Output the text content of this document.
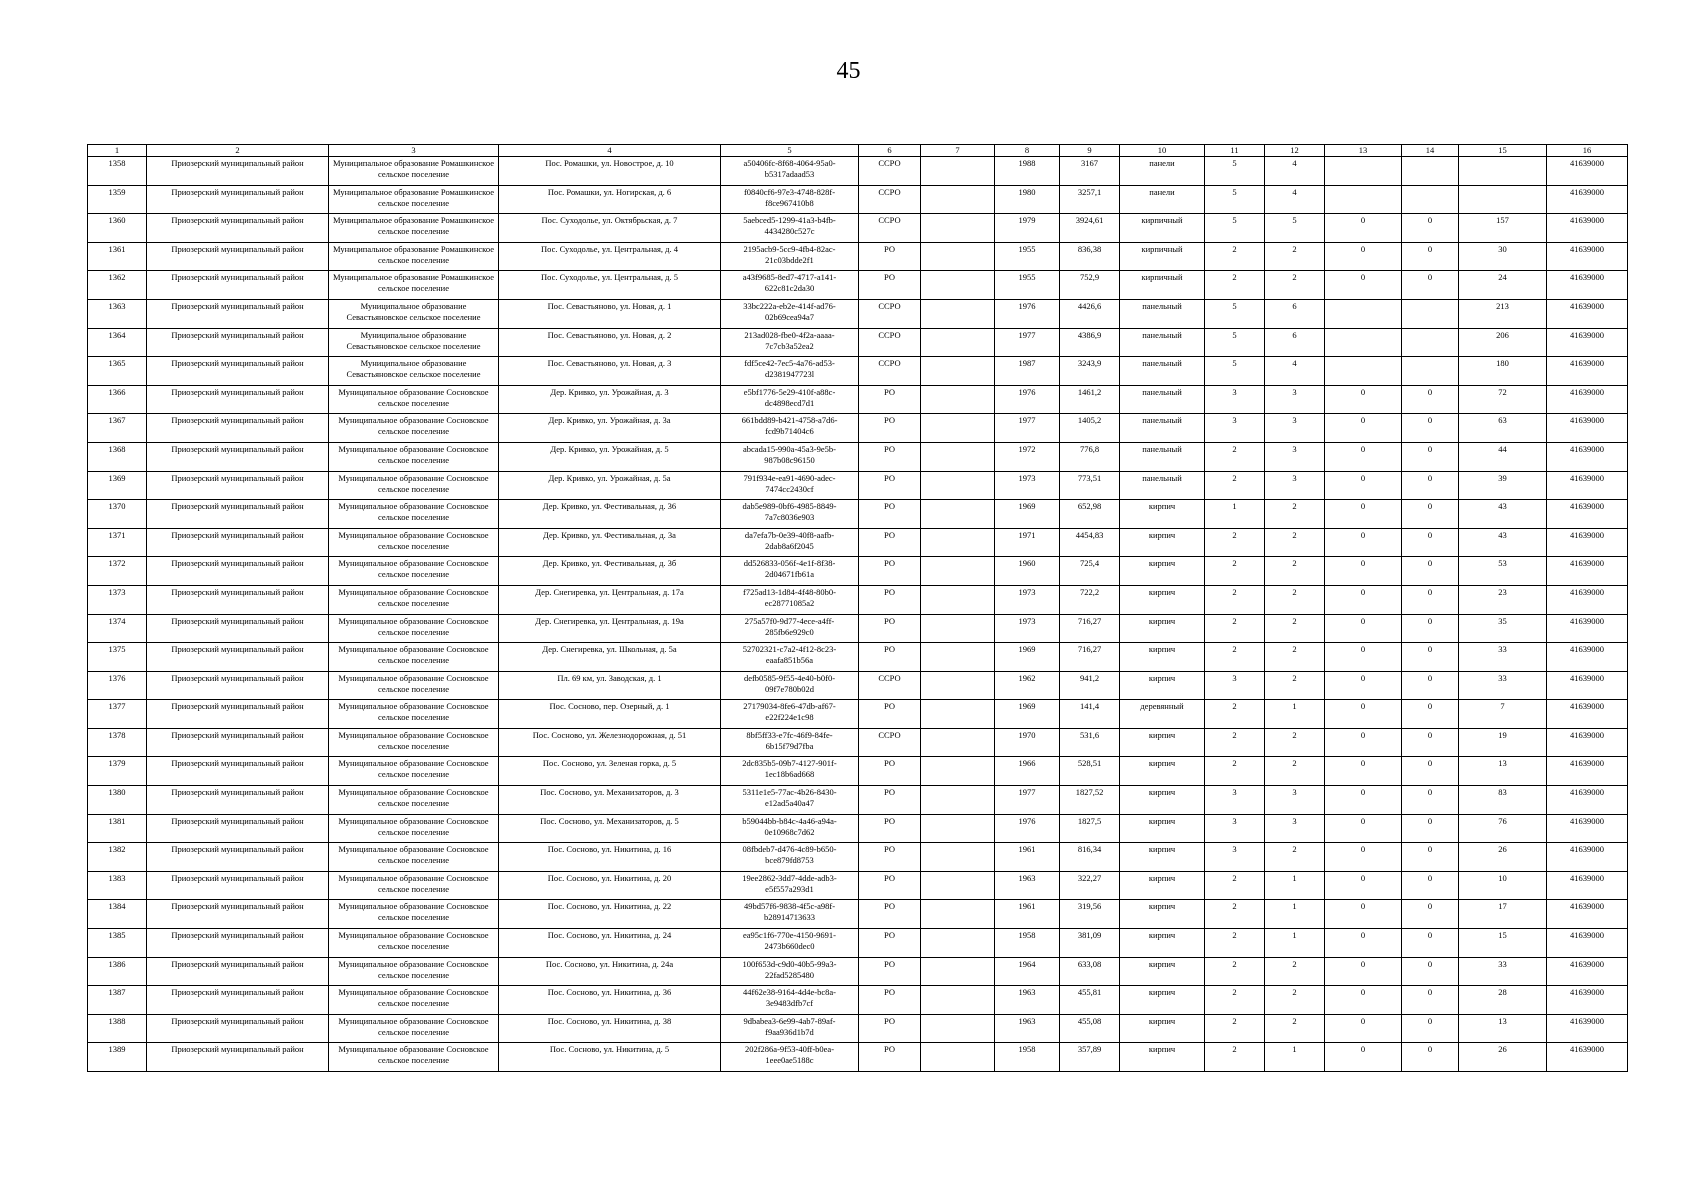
45
1	2	3	4	5	6	7	8	9	10	11	12	13	14	15	16
1358	Приозерский муниципальный район	Муниципальное образование Ромашкинское сельское поселение	Пос. Ромашки, ул. Новострое, д. 10	a50406fc-8f68-4064-95a0-b5317adaad53	ССРО		1988	3167	панели	5	4				41639000
1359	Приозерский муниципальный район	Муниципальное образование Ромашкинское сельское поселение	Пос. Ромашки, ул. Ногирская, д. 6	f0840cf6-97e3-4748-828f-f8ce967410b8	ССРО		1980	3257,1	панели	5	4				41639000
1360	Приозерский муниципальный район	Муниципальное образование Ромашкинское сельское поселение	Пос. Суходолье, ул. Октябрьская, д. 7	5aebced5-1299-41a3-b4fb-4434280c527c	ССРО		1979	3924,61	кирпичный	5	5	0	0	157	41639000
1361	Приозерский муниципальный район	Муниципальное образование Ромашкинское сельское поселение	Пос. Суходолье, ул. Центральная, д. 4	2195acb9-5cc9-4fb4-82ac-21c03bdde2f1	РО		1955	836,38	кирпичный	2	2	0	0	30	41639000
1362	Приозерский муниципальный район	Муниципальное образование Ромашкинское сельское поселение	Пос. Суходолье, ул. Центральная, д. 5	a43f9685-8ed7-4717-a141-622c81c2da30	РО		1955	752,9	кирпичный	2	2	0	0	24	41639000
1363	Приозерский муниципальный район	Муниципальное образование Севастьяновское сельское поселение	Пос. Севастьяново, ул. Новая, д. 1	33bc222a-eb2e-414f-ad76-02b69cea94a7	ССРО		1976	4426,6	панельный	5	6			213	41639000
1364	Приозерский муниципальный район	Муниципальное образование Севастьяновское сельское поселение	Пос. Севастьяново, ул. Новая, д. 2	213ad028-fbe0-4f2a-aaaa-7c7cb3a52ea2	ССРО		1977	4386,9	панельный	5	6			206	41639000
1365	Приозерский муниципальный район	Муниципальное образование Севастьяновское сельское поселение	Пос. Севастьяново, ул. Новая, д. 3	fdf5ce42-7ec5-4a76-ad53-d2381947723l	ССРО		1987	3243,9	панельный	5	4			180	41639000
1366	Приозерский муниципальный район	Муниципальное образование Сосновское сельское поселение	Дер. Кривко, ул. Урожайная, д. 3	e5bf1776-5e29-410f-a88c-dc4898ecd7d1	РО		1976	1461,2	панельный	3	3	0	0	72	41639000
1367	Приозерский муниципальный район	Муниципальное образование Сосновское сельское поселение	Дер. Кривко, ул. Урожайная, д. 3а	661bdd89-b421-4758-a7d6-fcd9b71404c6	РО		1977	1405,2	панельный	3	3	0	0	63	41639000
1368	Приозерский муниципальный район	Муниципальное образование Сосновское сельское поселение	Дер. Кривко, ул. Урожайная, д. 5	abcada15-990a-45a3-9e5b-987b08c96150	РО		1972	776,8	панельный	2	3	0	0	44	41639000
1369	Приозерский муниципальный район	Муниципальное образование Сосновское сельское поселение	Дер. Кривко, ул. Урожайная, д. 5а	791f934e-ea91-4690-adec-7474cc2430cf	РО		1973	773,51	панельный	2	3	0	0	39	41639000
1370	Приозерский муниципальный район	Муниципальное образование Сосновское сельское поселение	Дер. Кривко, ул. Фестивальная, д. 36	dab5e989-0bf6-4985-8849-7a7c8036e903	РО		1969	652,98	кирпич	1	2	0	0	43	41639000
1371	Приозерский муниципальный район	Муниципальное образование Сосновское сельское поселение	Дер. Кривко, ул. Фестивальная, д. 3а	da7efa7b-0e39-40f8-aafb-2dab8a6f2045	РО		1971	4454,83	кирпич	2	2	0	0	43	41639000
1372	Приозерский муниципальный район	Муниципальное образование Сосновское сельское поселение	Дер. Кривко, ул. Фестивальная, д. 3б	dd526833-056f-4e1f-8f38-2d04671fb61a	РО		1960	725,4	кирпич	2	2	0	0	53	41639000
1373	Приозерский муниципальный район	Муниципальное образование Сосновское сельское поселение	Дер. Снегиревка, ул. Центральная, д. 17а	f725ad13-1d84-4f48-80b0-ec28771085a2	РО		1973	722,2	кирпич	2	2	0	0	23	41639000
1374	Приозерский муниципальный район	Муниципальное образование Сосновское сельское поселение	Дер. Снегиревка, ул. Центральная, д. 19а	275a57f0-9d77-4ece-a4ff-285fb6e929c0	РО		1973	716,27	кирпич	2	2	0	0	35	41639000
1375	Приозерский муниципальный район	Муниципальное образование Сосновское сельское поселение	Дер. Снегиревка, ул. Школьная, д. 5а	52702321-c7a2-4f12-8c23-eaafa851b56a	РО		1969	716,27	кирпич	2	2	0	0	33	41639000
1376	Приозерский муниципальный район	Муниципальное образование Сосновское сельское поселение	Пл. 69 км, ул. Заводская, д. 1	defb0585-9f55-4e40-b0f0-09f7e780b02d	ССРО		1962	941,2	кирпич	3	2	0	0	33	41639000
1377	Приозерский муниципальный район	Муниципальное образование Сосновское сельское поселение	Пос. Сосново, пер. Озерный, д. 1	27179034-8fe6-47db-af67-e22f224e1c98	РО		1969	141,4	деревянный	2	1	0	0	7	41639000
1378	Приозерский муниципальный район	Муниципальное образование Сосновское сельское поселение	Пос. Сосново, ул. Железнодорожная, д. 51	8bf5ff33-e7fc-46f9-84fe-6b15f79d7fba	ССРО		1970	531,6	кирпич	2	2	0	0	19	41639000
1379	Приозерский муниципальный район	Муниципальное образование Сосновское сельское поселение	Пос. Сосново, ул. Зеленая горка, д. 5	2dc835b5-09b7-4127-901f-1ec18b6ad668	РО		1966	528,51	кирпич	2	2	0	0	13	41639000
1380	Приозерский муниципальный район	Муниципальное образование Сосновское сельское поселение	Пос. Сосново, ул. Механизаторов, д. 3	5311e1e5-77ac-4b26-8430-e12ad5a40a47	РО		1977	1827,52	кирпич	3	3	0	0	83	41639000
1381	Приозерский муниципальный район	Муниципальное образование Сосновское сельское поселение	Пос. Сосново, ул. Механизаторов, д. 5	b59044bb-b84c-4a46-a94a-0e10968c7d62	РО		1976	1827,5	кирпич	3	3	0	0	76	41639000
1382	Приозерский муниципальный район	Муниципальное образование Сосновское сельское поселение	Пос. Сосново, ул. Никитина, д. 16	08fbdeb7-d476-4c89-b650-bce879fd8753	РО		1961	816,34	кирпич	3	2	0	0	26	41639000
1383	Приозерский муниципальный район	Муниципальное образование Сосновское сельское поселение	Пос. Сосново, ул. Никитина, д. 20	19ee2862-3dd7-4dde-adb3-e5f557a293d1	РО		1963	322,27	кирпич	2	1	0	0	10	41639000
1384	Приозерский муниципальный район	Муниципальное образование Сосновское сельское поселение	Пос. Сосново, ул. Никитина, д. 22	49bd57f6-9838-4f5c-a98f-b28914713633	РО		1961	319,56	кирпич	2	1	0	0	17	41639000
1385	Приозерский муниципальный район	Муниципальное образование Сосновское сельское поселение	Пос. Сосново, ул. Никитина, д. 24	ea95c1f6-770e-4150-9691-2473b660dec0	РО		1958	381,09	кирпич	2	1	0	0	15	41639000
1386	Приозерский муниципальный район	Муниципальное образование Сосновское сельское поселение	Пос. Сосново, ул. Никитина, д. 24а	100f653d-c9d0-40b5-99a3-22fad5285480	РО		1964	633,08	кирпич	2	2	0	0	33	41639000
1387	Приозерский муниципальный район	Муниципальное образование Сосновское сельское поселение	Пос. Сосново, ул. Никитина, д. 36	44f62e38-9164-4d4e-bc8a-3e9483dfb7cf	РО		1963	455,81	кирпич	2	2	0	0	28	41639000
1388	Приозерский муниципальный район	Муниципальное образование Сосновское сельское поселение	Пос. Сосново, ул. Никитина, д. 38	9dbabea3-6e99-4ab7-89af-f9aa936d1b7d	РО		1963	455,08	кирпич	2	2	0	0	13	41639000
1389	Приозерский муниципальный район	Муниципальное образование Сосновское сельское поселение	Пос. Сосново, ул. Никитина, д. 5	202f286a-9f53-40ff-b0ea-1eee0ae5188c	РО		1958	357,89	кирпич	2	1	0	0	26	41639000
